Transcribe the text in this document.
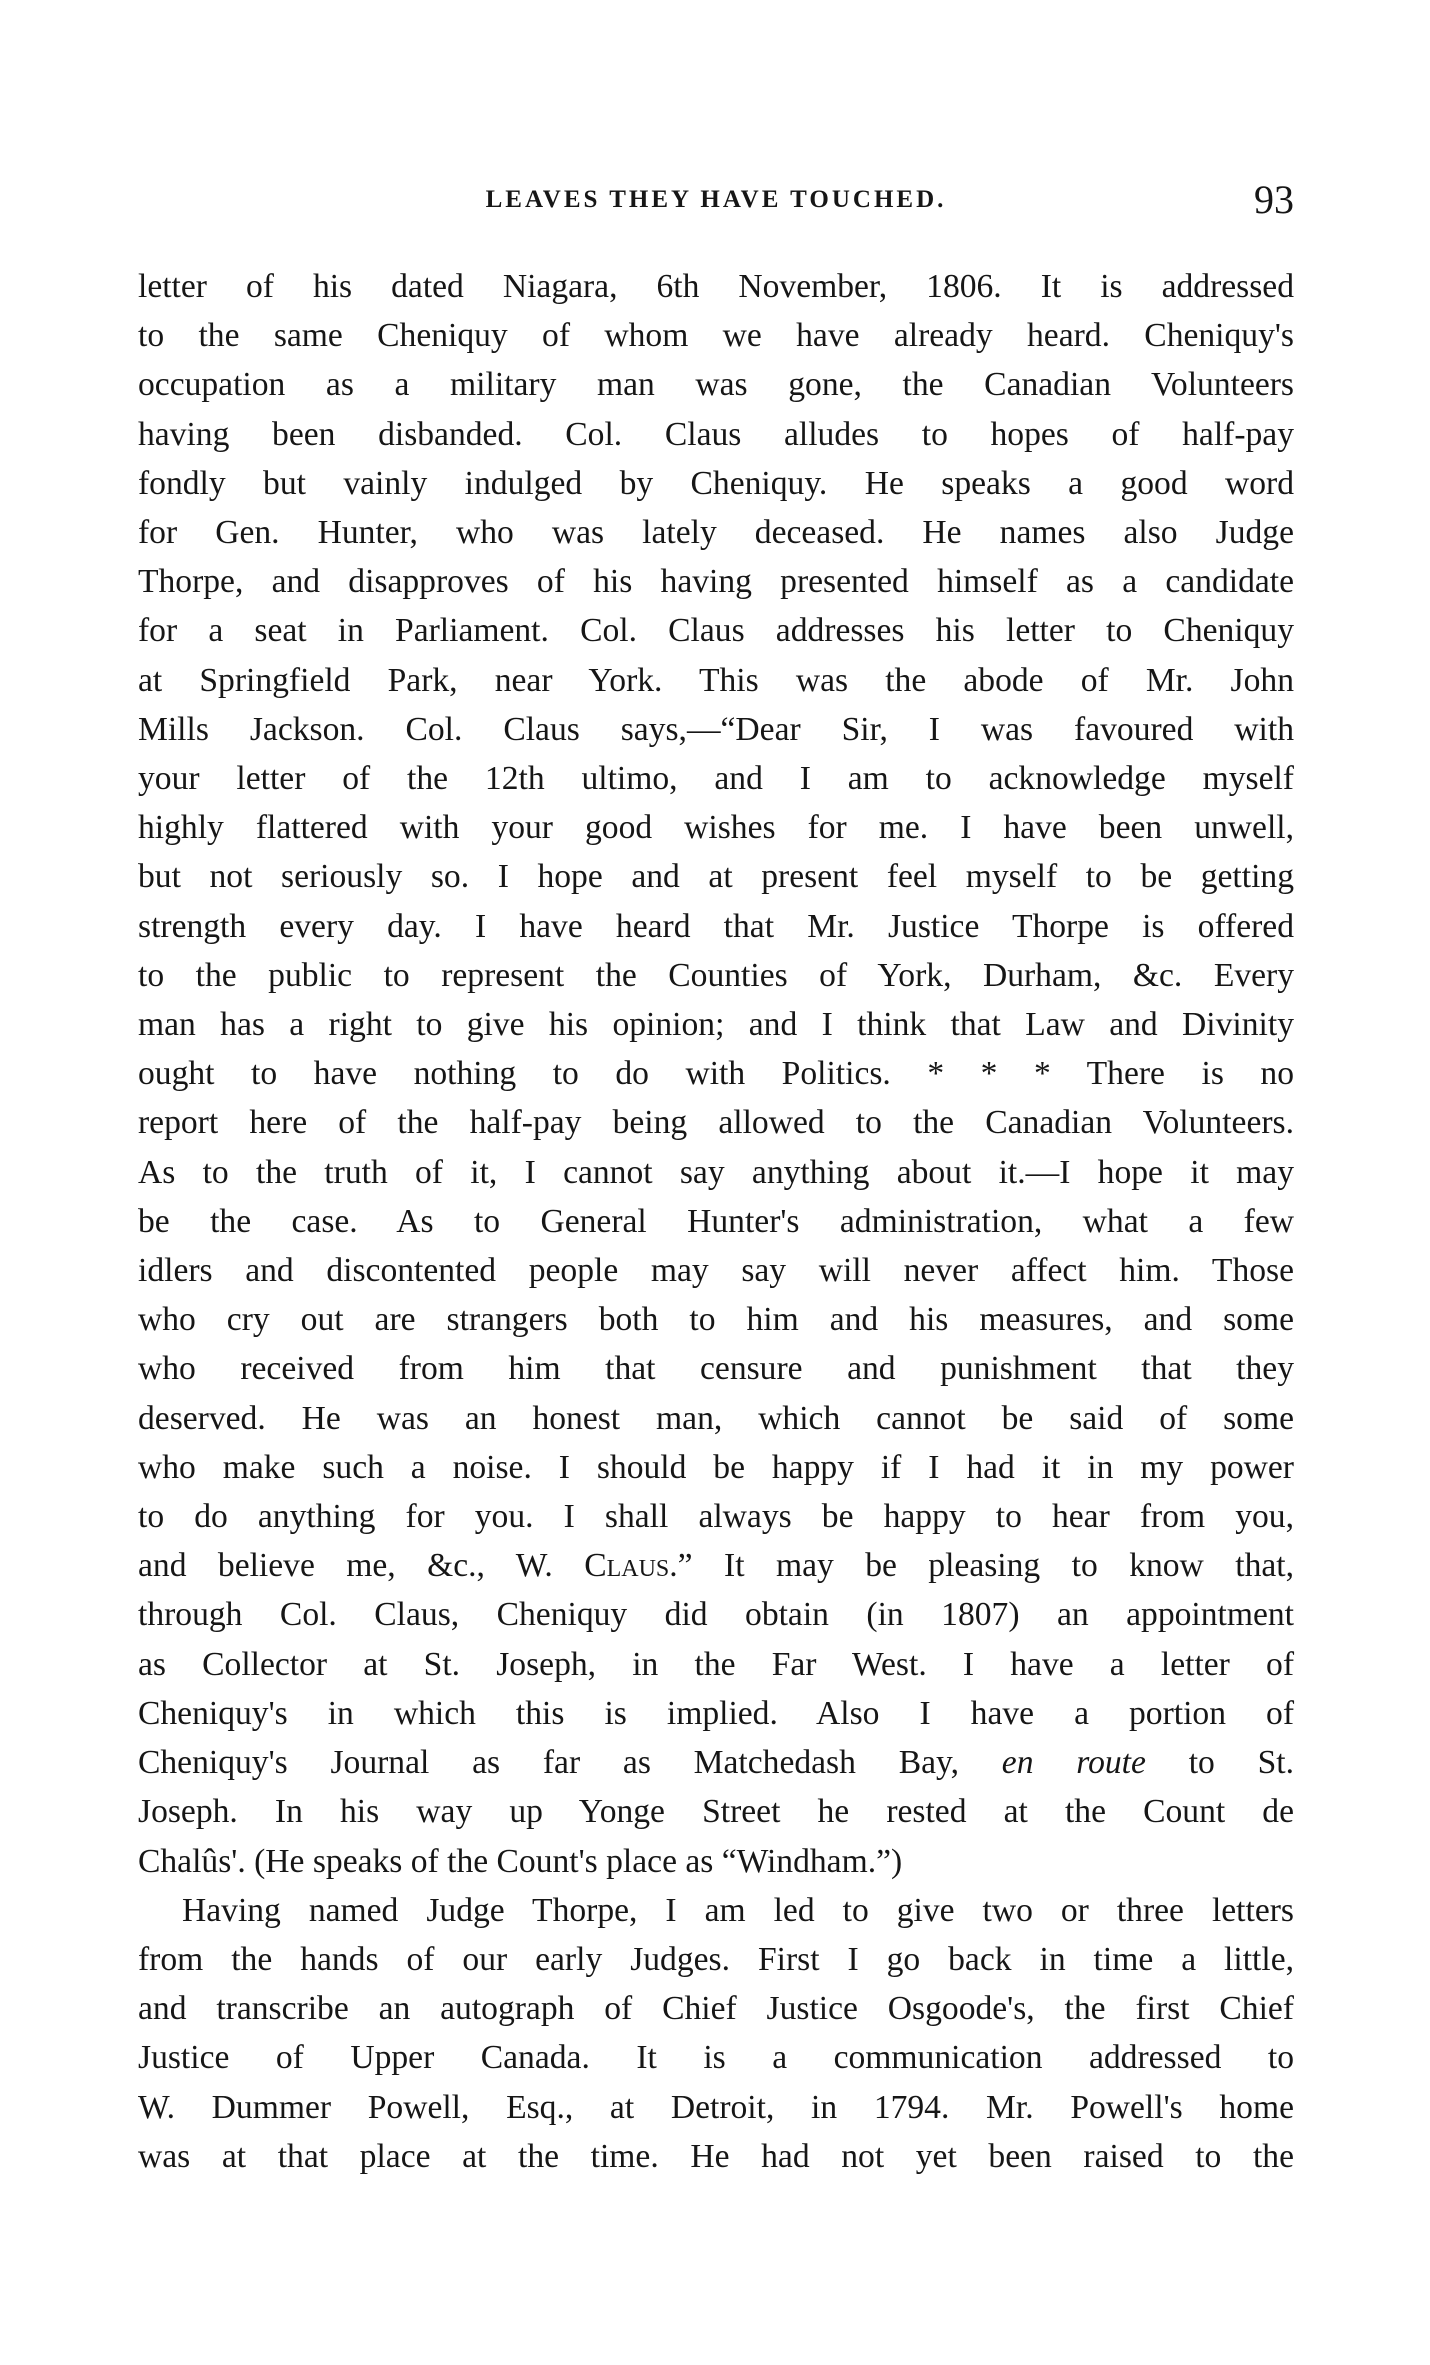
LEAVES THEY HAVE TOUCHED.	93

letter of his dated Niagara, 6th November, 1806. It is addressed
to the same Cheniquy of whom we have already heard. Cheniquy's
occupation as a military man was gone, the Canadian Volunteers
having been disbanded. Col. Claus alludes to hopes of half-pay
fondly but vainly indulged by Cheniquy. He speaks a good word
for Gen. Hunter, who was lately deceased. He names also Judge
Thorpe, and disapproves of his having presented himself as a candidate
for a seat in Parliament. Col. Claus addresses his letter to Cheniquy
at Springfield Park, near York. This was the abode of Mr. John
Mills Jackson. Col. Claus says,—“Dear Sir, I was favoured with
your letter of the 12th ultimo, and I am to acknowledge myself
highly flattered with your good wishes for me. I have been unwell,
but not seriously so. I hope and at present feel myself to be getting
strength every day. I have heard that Mr. Justice Thorpe is offered
to the public to represent the Counties of York, Durham, &c. Every
man has a right to give his opinion; and I think that Law and Divinity
ought to have nothing to do with Politics. * * * There is no
report here of the half-pay being allowed to the Canadian Volunteers.
As to the truth of it, I cannot say anything about it.—I hope it may
be the case. As to General Hunter's administration, what a few
idlers and discontented people may say will never affect him. Those
who cry out are strangers both to him and his measures, and some
who received from him that censure and punishment that they
deserved. He was an honest man, which cannot be said of some
who make such a noise. I should be happy if I had it in my power
to do anything for you. I shall always be happy to hear from you,
and believe me, &c., W. Claus.” It may be pleasing to know that,
through Col. Claus, Cheniquy did obtain (in 1807) an appointment
as Collector at St. Joseph, in the Far West. I have a letter of
Cheniquy's in which this is implied. Also I have a portion of
Cheniquy's Journal as far as Matchedash Bay, en route to St.
Joseph. In his way up Yonge Street he rested at the Count de
Chalûs'. (He speaks of the Count's place as “Windham.”)

Having named Judge Thorpe, I am led to give two or three letters
from the hands of our early Judges. First I go back in time a little,
and transcribe an autograph of Chief Justice Osgoode's, the first Chief
Justice of Upper Canada. It is a communication addressed to
W. Dummer Powell, Esq., at Detroit, in 1794. Mr. Powell's home
was at that place at the time. He had not yet been raised to the
